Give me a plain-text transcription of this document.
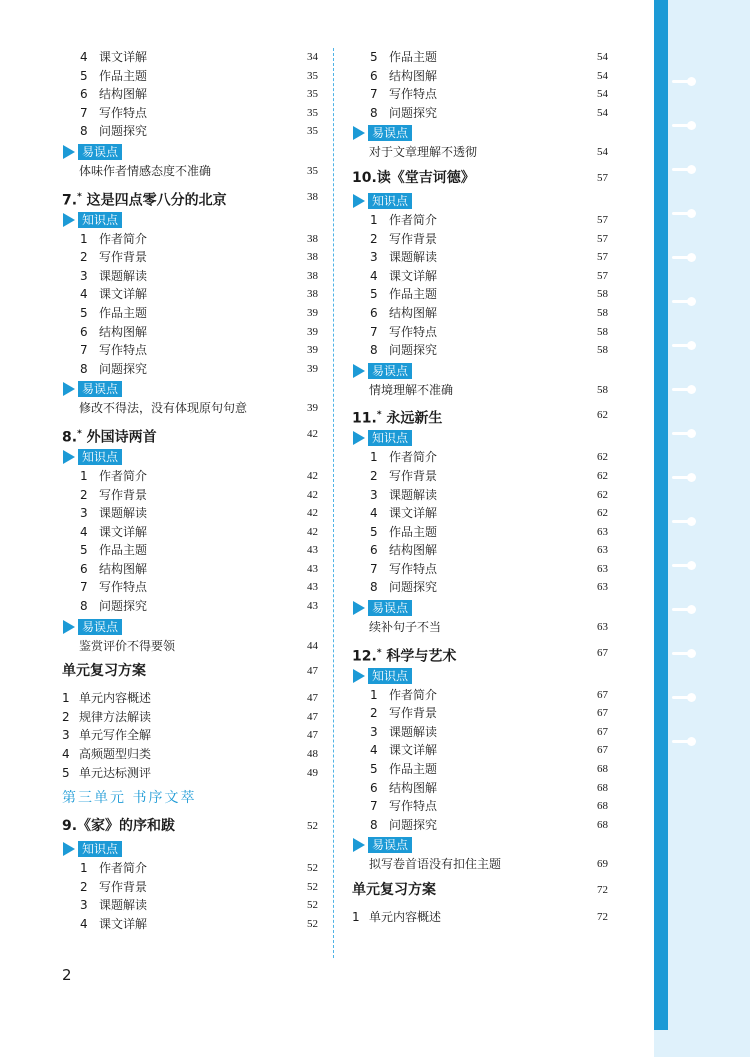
4 课文详解	34
5 作品主题	35
6 结构图解	35
7 写作特点	35
8 问题探究	35
易误点
体味作者情感态度不准确	35
7.* 这是四点零八分的北京	38
知识点
1 作者简介	38
2 写作背景	38
3 课题解读	38
4 课文详解	38
5 作品主题	39
6 结构图解	39
7 写作特点	39
8 问题探究	39
易误点
修改不得法，没有体现原句句意	39
8.* 外国诗两首	42
知识点
1 作者简介	42
2 写作背景	42
3 课题解读	42
4 课文详解	42
5 作品主题	43
6 结构图解	43
7 写作特点	43
8 问题探究	43
易误点
鉴赏评价不得要领	44
单元复习方案	47
1 单元内容概述	47
2 规律方法解读	47
3 单元写作全解	47
4 高频题型归类	48
5 单元达标测评	49
第三单元 书序文萃
9.《家》的序和跋	52
知识点
1 作者简介	52
2 写作背景	52
3 课题解读	52
4 课文详解	52
5 作品主题	54
6 结构图解	54
7 写作特点	54
8 问题探究	54
易误点
对于文章理解不透彻	54
10.读《堂吉诃德》	57
知识点
1 作者简介	57
2 写作背景	57
3 课题解读	57
4 课文详解	57
5 作品主题	58
6 结构图解	58
7 写作特点	58
8 问题探究	58
易误点
情境理解不准确	58
11.* 永远新生	62
知识点
1 作者简介	62
2 写作背景	62
3 课题解读	62
4 课文详解	62
5 作品主题	63
6 结构图解	63
7 写作特点	63
8 问题探究	63
易误点
续补句子不当	63
12.* 科学与艺术	67
知识点
1 作者简介	67
2 写作背景	67
3 课题解读	67
4 课文详解	67
5 作品主题	68
6 结构图解	68
7 写作特点	68
8 问题探究	68
易误点
拟写卷首语没有扣住主题	69
单元复习方案	72
1 单元内容概述	72
2
